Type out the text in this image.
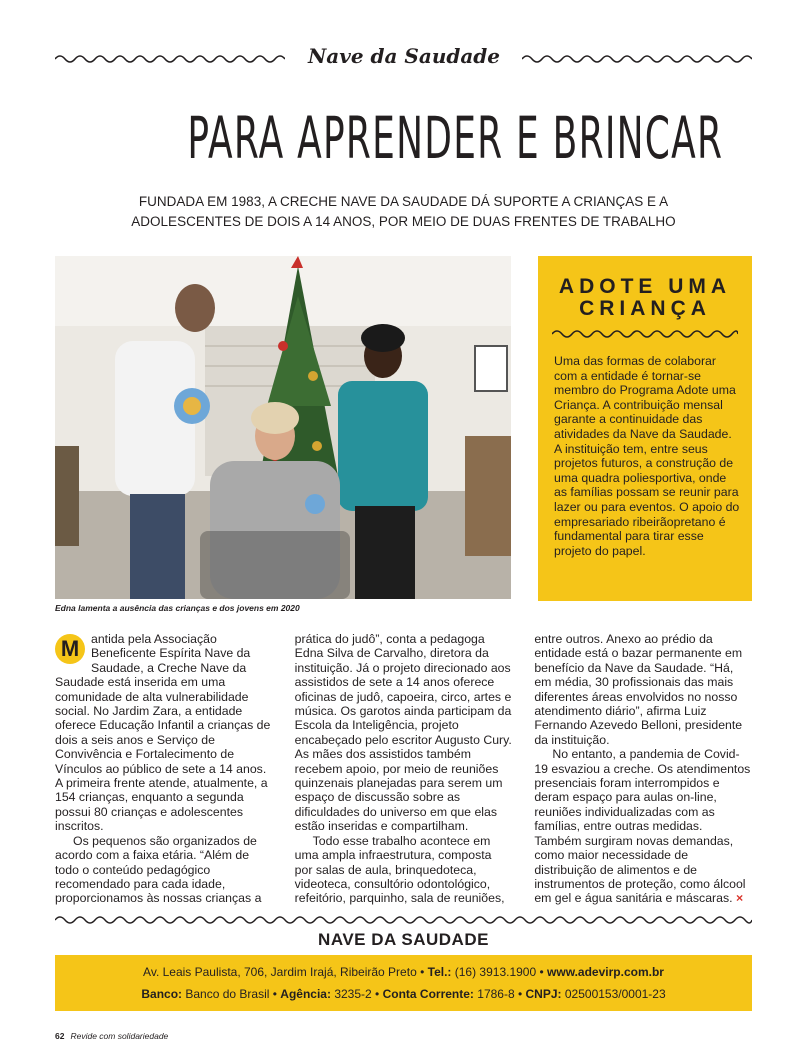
Nave da Saudade
PARA APRENDER E BRINCAR

FUNDADA EM 1983, A CRECHE NAVE DA SAUDADE DÁ SUPORTE A CRIANÇAS E A ADOLESCENTES DE DOIS A 14 ANOS, POR MEIO DE DUAS FRENTES DE TRABALHO

Edna lamenta a ausência das crianças e dos jovens em 2020
ADOTE UMA
CRIANÇA

Uma das formas de colaborar com a entidade é tornar-se membro do Programa Adote uma Criança. A contribuição mensal garante a continuidade das atividades da Nave da Saudade. A instituição tem, entre seus projetos futuros, a construção de uma quadra poliesportiva, onde as famílias possam se reunir para lazer ou para eventos. O apoio do empresariado ribeirãopretano é fundamental para tirar esse projeto do papel.

M antida pela Associação Beneficente Espírita Nave da Saudade, a Creche Nave da Saudade está inserida em uma comunidade de alta vulnerabilidade social. No Jardim Zara, a entidade oferece Educação Infantil a crianças de dois a seis anos e Serviço de Convivência e Fortalecimento de Vínculos ao público de sete a 14 anos. A primeira frente atende, atualmente, a 154 crianças, enquanto a segunda possui 80 crianças e adolescentes inscritos.

Os pequenos são organizados de acordo com a faixa etária. “Além de todo o conteúdo pedagógico recomendado para cada idade, proporcionamos às nossas crianças a prática do judô”, conta a pedagoga Edna Silva de Carvalho, diretora da instituição. Já o projeto direcionado aos assistidos de sete a 14 anos oferece oficinas de judô, capoeira, circo, artes e música. Os garotos ainda participam da Escola da Inteligência, projeto encabeçado pelo escritor Augusto Cury. As mães dos assistidos também recebem apoio, por meio de reuniões quinzenais planejadas para serem um espaço de discussão sobre as dificuldades do universo em que elas estão inseridas e compartilham.

Todo esse trabalho acontece em uma ampla infraestrutura, composta por salas de aula, brinquedoteca, videoteca, consultório odontológico, refeitório, parquinho, sala de reuniões, entre outros. Anexo ao prédio da entidade está o bazar permanente em benefício da Nave da Saudade. “Há, em média, 30 profissionais das mais diferentes áreas envolvidos no nosso atendimento diário”, afirma Luiz Fernando Azevedo Belloni, presidente da instituição.

No entanto, a pandemia de Covid-19 esvaziou a creche. Os atendimentos presenciais foram interrompidos e deram espaço para aulas on-line, reuniões individualizadas com as famílias, entre outras medidas. Também surgiram novas demandas, como maior necessidade de distribuição de alimentos e de instrumentos de proteção, como álcool em gel e água sanitária e máscaras. ×

NAVE DA SAUDADE
Av. Leais Paulista, 706, Jardim Irajá, Ribeirão Preto • Tel.: (16) 3913.1900 • www.adevirp.com.br
Banco: Banco do Brasil • Agência: 3235-2 • Conta Corrente: 1786-8 • CNPJ: 02500153/0001-23
62 Revide com solidariedade
